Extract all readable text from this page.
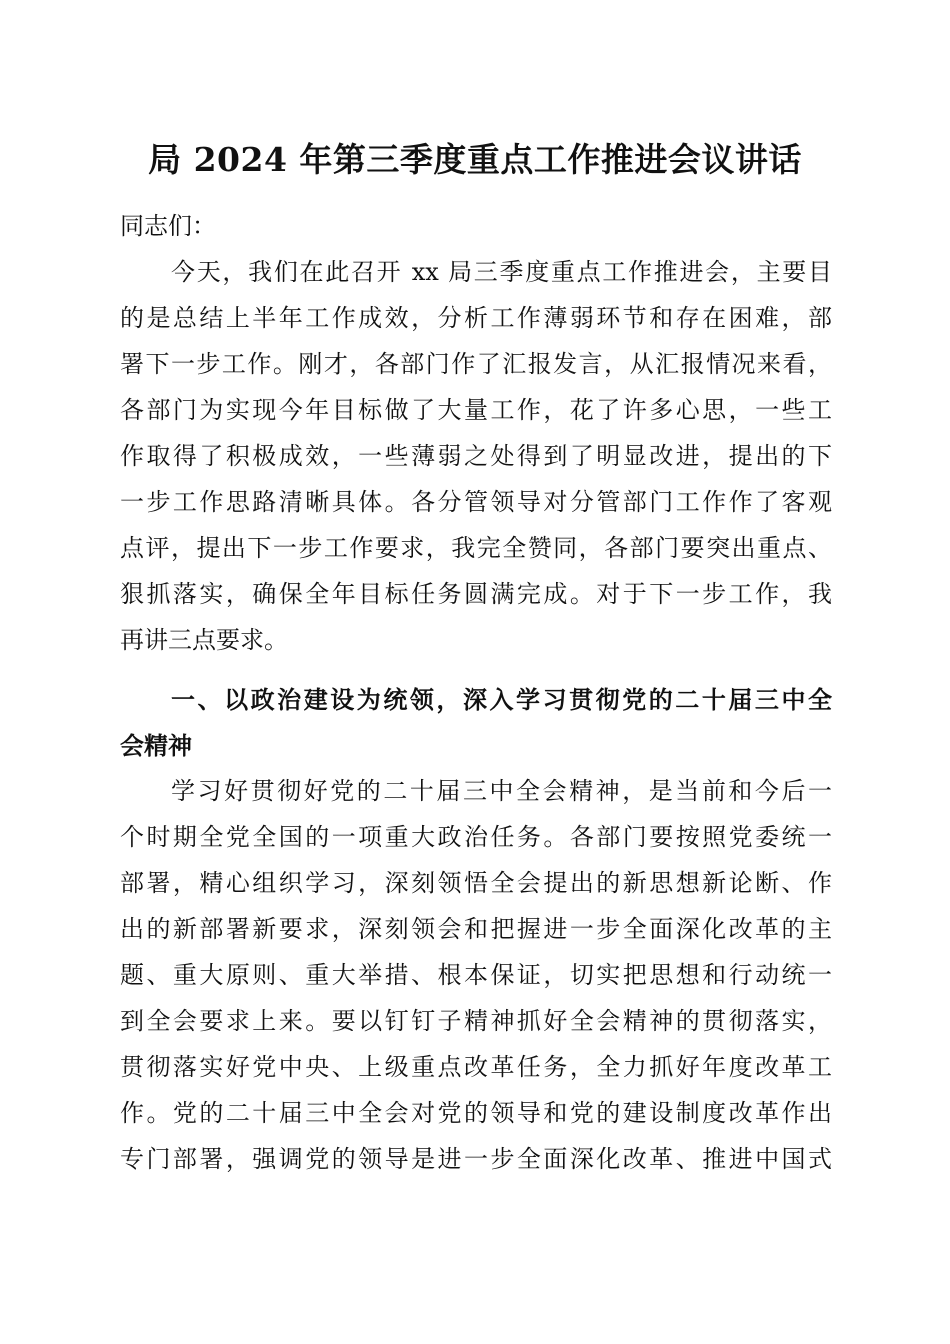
局 2024 年第三季度重点工作推进会议讲话
同志们：
今天，我们在此召开 xx 局三季度重点工作推进会，主要目
的是总结上半年工作成效，分析工作薄弱环节和存在困难，部
署下一步工作。刚才，各部门作了汇报发言，从汇报情况来看，
各部门为实现今年目标做了大量工作，花了许多心思，一些工
作取得了积极成效，一些薄弱之处得到了明显改进，提出的下
一步工作思路清晰具体。各分管领导对分管部门工作作了客观
点评，提出下一步工作要求，我完全赞同，各部门要突出重点、
狠抓落实，确保全年目标任务圆满完成。对于下一步工作，我
再讲三点要求。
一、以政治建设为统领，深入学习贯彻党的二十届三中全
会精神
学习好贯彻好党的二十届三中全会精神，是当前和今后一
个时期全党全国的一项重大政治任务。各部门要按照党委统一
部署，精心组织学习，深刻领悟全会提出的新思想新论断、作
出的新部署新要求，深刻领会和把握进一步全面深化改革的主
题、重大原则、重大举措、根本保证，切实把思想和行动统一
到全会要求上来。要以钉钉子精神抓好全会精神的贯彻落实，
贯彻落实好党中央、上级重点改革任务，全力抓好年度改革工
作。党的二十届三中全会对党的领导和党的建设制度改革作出
专门部署，强调党的领导是进一步全面深化改革、推进中国式
